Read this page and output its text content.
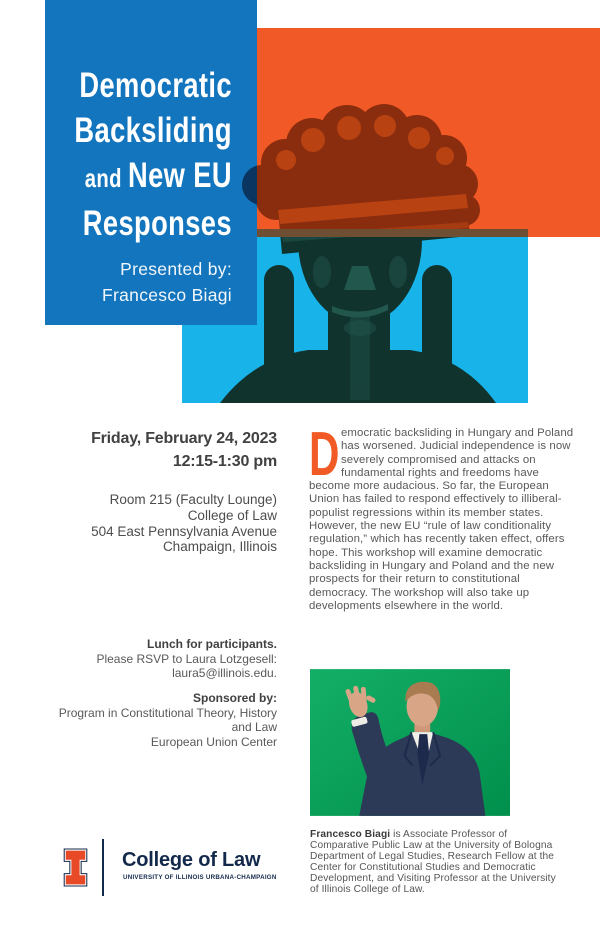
Democratic
Backsliding
and New EU
Responses
Presented by:
Francesco Biagi
Friday, February 24, 2023
12:15-1:30 pm
Room 215 (Faculty Lounge)
College of Law
504 East Pennsylvania Avenue
Champaign, Illinois
Lunch for participants.
Please RSVP to Laura Lotzgesell:
laura5@illinois.edu.
Sponsored by:
Program in Constitutional Theory, History
and Law
European Union Center

Democratic backsliding in Hungary and Poland has worsened. Judicial independence is now severely compromised and attacks on fundamental rights and freedoms have become more audacious. So far, the European Union has failed to respond effectively to illiberal-populist regressions within its member states. However, the new EU “rule of law conditionality regulation,” which has recently taken effect, offers hope. This workshop will examine democratic backsliding in Hungary and Poland and the new prospects for their return to constitutional democracy. The workshop will also take up developments elsewhere in the world.

Francesco Biagi is Associate Professor of Comparative Public Law at the University of Bologna Department of Legal Studies, Research Fellow at the Center for Constitutional Studies and Democratic Development, and Visiting Professor at the University of Illinois College of Law.

College of Law
UNIVERSITY OF ILLINOIS URBANA-CHAMPAIGN
